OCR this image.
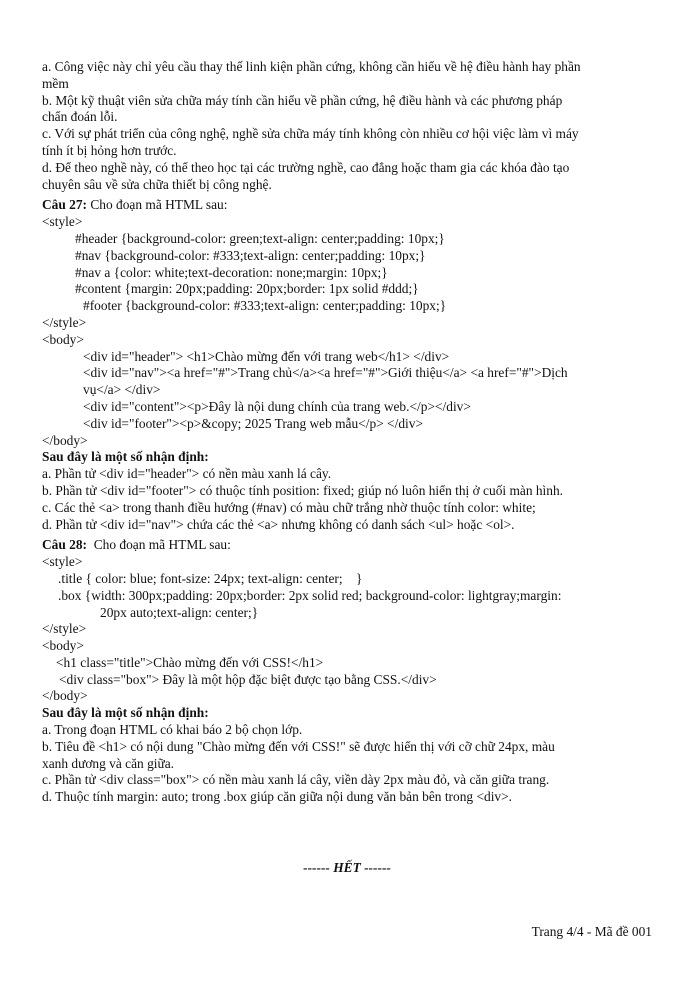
a. Công việc này chỉ yêu cầu thay thế linh kiện phần cứng, không cần hiểu về hệ điều hành hay phần
mềm
b. Một kỹ thuật viên sửa chữa máy tính cần hiểu về phần cứng, hệ điều hành và các phương pháp
chẩn đoán lỗi.
c. Với sự phát triển của công nghệ, nghề sửa chữa máy tính không còn nhiều cơ hội việc làm vì máy
tính ít bị hỏng hơn trước.
d. Để theo nghề này, có thể theo học tại các trường nghề, cao đẳng hoặc tham gia các khóa đào tạo
chuyên sâu về sửa chữa thiết bị công nghệ.
Câu 27: Cho đoạn mã HTML sau:
<style>
#header {background-color: green;text-align: center;padding: 10px;}
#nav {background-color: #333;text-align: center;padding: 10px;}
#nav a {color: white;text-decoration: none;margin: 10px;}
#content {margin: 20px;padding: 20px;border: 1px solid #ddd;}
#footer {background-color: #333;text-align: center;padding: 10px;}
</style>
<body>
<div id="header"> <h1>Chào mừng đến với trang web</h1> </div>
<div id="nav"><a href="#">Trang chủ</a><a href="#">Giới thiệu</a> <a href="#">Dịch
vụ</a> </div>
<div id="content"><p>Đây là nội dung chính của trang web.</p></div>
<div id="footer"><p>&copy; 2025 Trang web mẫu</p> </div>
</body>
Sau đây là một số nhận định:
a. Phần tử <div id="header"> có nền màu xanh lá cây.
b. Phần tử <div id="footer"> có thuộc tính position: fixed; giúp nó luôn hiển thị ở cuối màn hình.
c. Các thẻ <a> trong thanh điều hướng (#nav) có màu chữ trắng nhờ thuộc tính color: white;
d. Phần tử <div id="nav"> chứa các thẻ <a> nhưng không có danh sách <ul> hoặc <ol>.
Câu 28:  Cho đoạn mã HTML sau:
<style>
.title { color: blue; font-size: 24px; text-align: center;    }
.box {width: 300px;padding: 20px;border: 2px solid red; background-color: lightgray;margin:
20px auto;text-align: center;}
</style>
<body>
<h1 class="title">Chào mừng đến với CSS!</h1>
<div class="box"> Đây là một hộp đặc biệt được tạo bằng CSS.</div>
</body>
Sau đây là một số nhận định:
a. Trong đoạn HTML có khai báo 2 bộ chọn lớp.
b. Tiêu đề <h1> có nội dung "Chào mừng đến với CSS!" sẽ được hiển thị với cỡ chữ 24px, màu
xanh dương và căn giữa.
c. Phần tử <div class="box"> có nền màu xanh lá cây, viền dày 2px màu đỏ, và căn giữa trang.
d. Thuộc tính margin: auto; trong .box giúp căn giữa nội dung văn bản bên trong <div>.
------ HẾT ------
Trang 4/4 - Mã đề 001
